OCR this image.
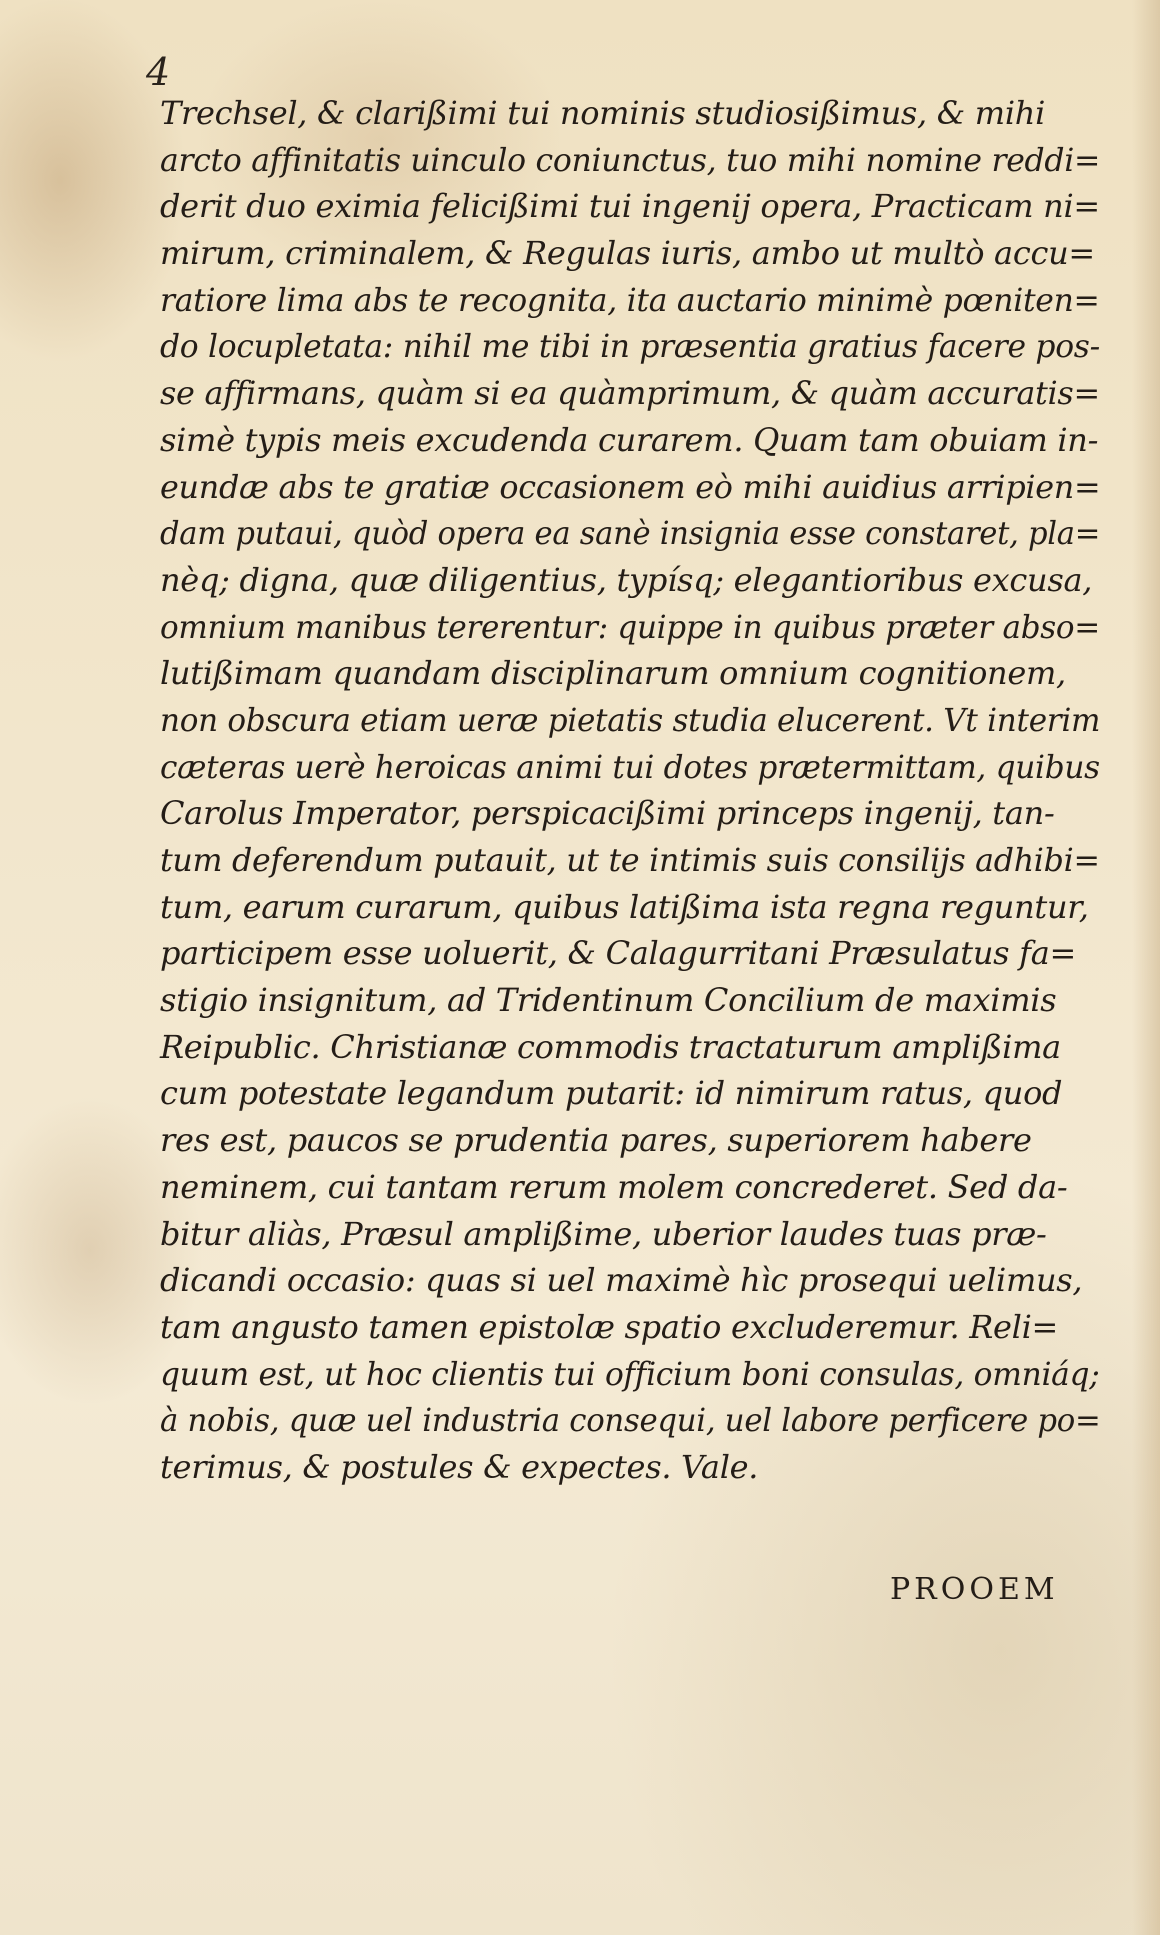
4
Trechsel, & clarißimi tui nominis studiosißimus, & mihi
arcto affinitatis uinculo coniunctus, tuo mihi nomine reddi=
derit duo eximia felicißimi tui ingenij opera, Practicam ni=
mirum, criminalem, & Regulas iuris, ambo ut multò accu=
ratiore lima abs te recognita, ita auctario minimè pœniten=
do locupletata: nihil me tibi in præsentia gratius facere pos-
se affirmans, quàm si ea quàmprimum, & quàm accuratis=
simè typis meis excudenda curarem. Quam tam obuiam in-
eundæ abs te gratiæ occasionem eò mihi auidius arripien=
dam putaui, quòd opera ea sanè insignia esse constaret, pla=
nèq; digna, quæ diligentius, typísq; elegantioribus excusa,
omnium manibus tererentur: quippe in quibus præter abso=
lutißimam quandam disciplinarum omnium cognitionem,
non obscura etiam ueræ pietatis studia elucerent. Vt interim
cæteras uerè heroicas animi tui dotes prætermittam, quibus
Carolus Imperator, perspicacißimi princeps ingenij, tan-
tum deferendum putauit, ut te intimis suis consilijs adhibi=
tum, earum curarum, quibus latißima ista regna reguntur,
participem esse uoluerit, & Calagurritani Præsulatus fa=
stigio insignitum, ad Tridentinum Concilium de maximis
Reipublic. Christianæ commodis tractaturum amplißima
cum potestate legandum putarit: id nimirum ratus, quod
res est, paucos se prudentia pares, superiorem habere
neminem, cui tantam rerum molem concrederet. Sed da-
bitur aliàs, Præsul amplißime, uberior laudes tuas præ-
dicandi occasio: quas si uel maximè hìc prosequi uelimus,
tam angusto tamen epistolæ spatio excluderemur. Reli=
quum est, ut hoc clientis tui officium boni consulas, omniáq;
à nobis, quæ uel industria consequi, uel labore perficere po=
terimus, & postules & expectes. Vale.
PROOEM
